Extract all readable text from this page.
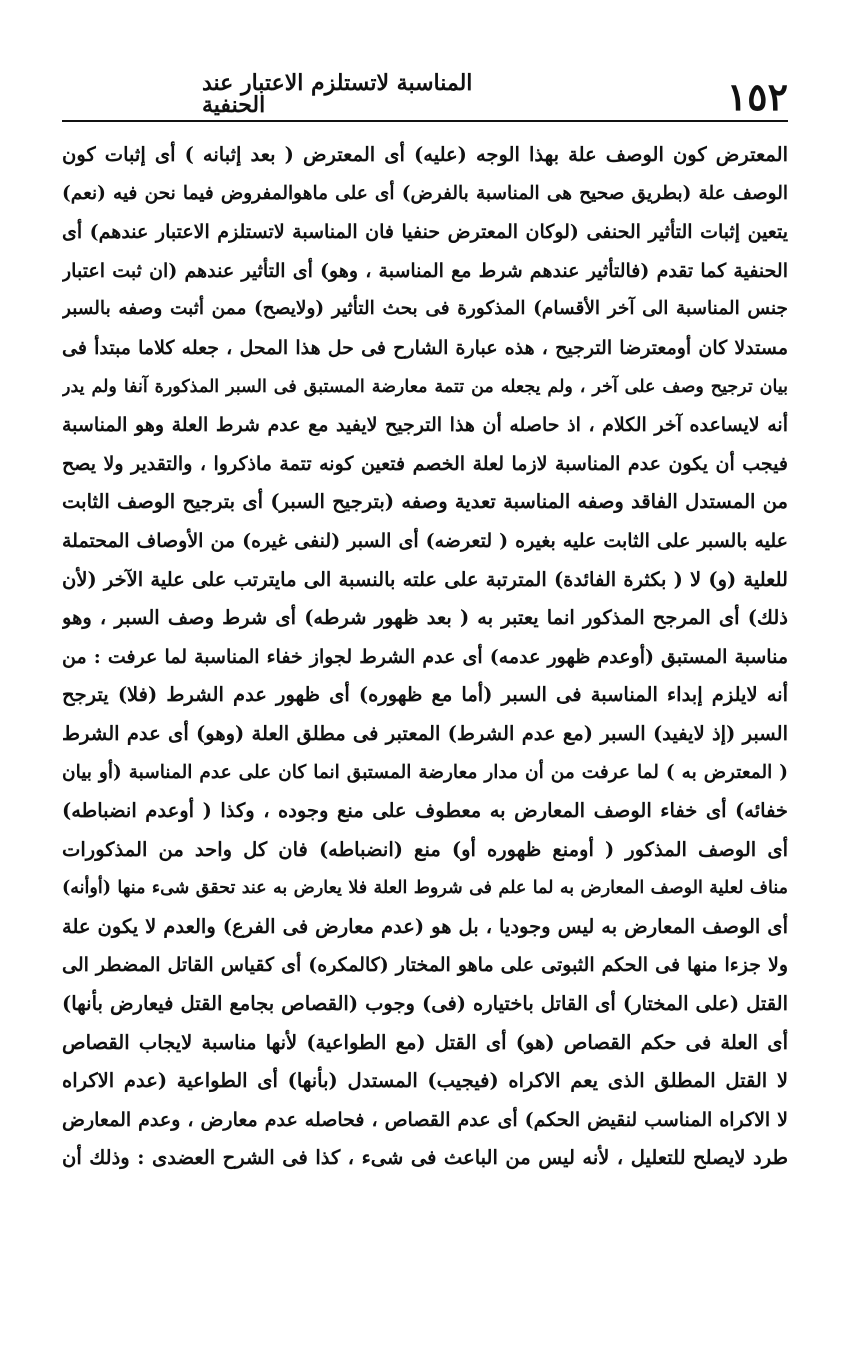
١٥٢
المناسبة لاتستلزم الاعتبار عند الحنفية
المعترض كون الوصف علة بهذا الوجه (عليه) أى المعترض ( بعد إثبانه ) أى إثبات كون
الوصف علة (بطريق صحيح هى المناسبة بالفرض) أى على ماهوالمفروض فيما نحن فيه (نعم)
يتعين إثبات التأثير الحنفى (لوكان المعترض حنفيا فان المناسبة لاتستلزم الاعتبار عندهم) أى
الحنفية كما تقدم (فالتأثير عندهم شرط مع المناسبة ، وهو) أى التأثير عندهم (ان ثبت اعتبار
جنس المناسبة الى آخر الأقسام) المذكورة فى بحث التأثير (ولايصح) ممن أثبت وصفه بالسبر
مستدلا كان أومعترضا الترجيح ، هذه عبارة الشارح فى حل هذا المحل ، جعله كلاما مبتدأ فى
بيان ترجيح وصف على آخر ، ولم يجعله من تتمة معارضة المستبق فى السبر المذكورة آنفا ولم يدر
أنه لايساعده آخر الكلام ، اذ حاصله أن هذا الترجيح لايفيد مع عدم شرط العلة وهو المناسبة
فيجب أن يكون عدم المناسبة لازما لعلة الخصم فتعين كونه تتمة ماذكروا ، والتقدير ولا يصح
من المستدل الفاقد وصفه المناسبة تعدية وصفه (بترجيح السبر) أى بترجيح الوصف الثابت
عليه بالسبر على الثابت عليه بغيره ( لتعرضه) أى السبر (لنفى غيره) من الأوصاف المحتملة
للعلية (و) لا ( بكثرة الفائدة) المترتبة على علته بالنسبة الى مايترتب على علية الآخر (لأن
ذلك) أى المرجح المذكور انما يعتبر به ( بعد ظهور شرطه) أى شرط وصف السبر ، وهو
مناسبة المستبق (أوعدم ظهور عدمه) أى عدم الشرط لجواز خفاء المناسبة لما عرفت : من
أنه لايلزم إبداء المناسبة فى السبر (أما مع ظهوره) أى ظهور عدم الشرط (فلا) يترجح
السبر (إذ لايفيد) السبر (مع عدم الشرط) المعتبر فى مطلق العلة (وهو) أى عدم الشرط
( المعترض به ) لما عرفت من أن مدار معارضة المستبق انما كان على عدم المناسبة (أو بيان
خفائه) أى خفاء الوصف المعارض به معطوف على منع وجوده ، وكذا ( أوعدم انضباطه)
أى الوصف المذكور ( أومنع ظهوره أو) منع (انضباطه) فان كل واحد من المذكورات
مناف لعلية الوصف المعارض به لما علم فى شروط العلة فلا يعارض به عند تحقق شىء منها (أوأنه)
أى الوصف المعارض به ليس وجوديا ، بل هو (عدم معارض فى الفرع) والعدم لا يكون علة
ولا جزءا منها فى الحكم الثبوتى على ماهو المختار (كالمكره) أى كقياس القاتل المضطر الى
القتل (على المختار) أى القاتل باختياره (فى) وجوب (القصاص بجامع القتل فيعارض بأنها)
أى العلة فى حكم القصاص (هو) أى القتل (مع الطواعية) لأنها مناسبة لايجاب القصاص
لا القتل المطلق الذى يعم الاكراه (فيجيب) المستدل (بأنها) أى الطواعية (عدم الاكراه
لا الاكراه المناسب لنقيض الحكم) أى عدم القصاص ، فحاصله عدم معارض ، وعدم المعارض
طرد لايصلح للتعليل ، لأنه ليس من الباعث فى شىء ، كذا فى الشرح العضدى : وذلك أن
